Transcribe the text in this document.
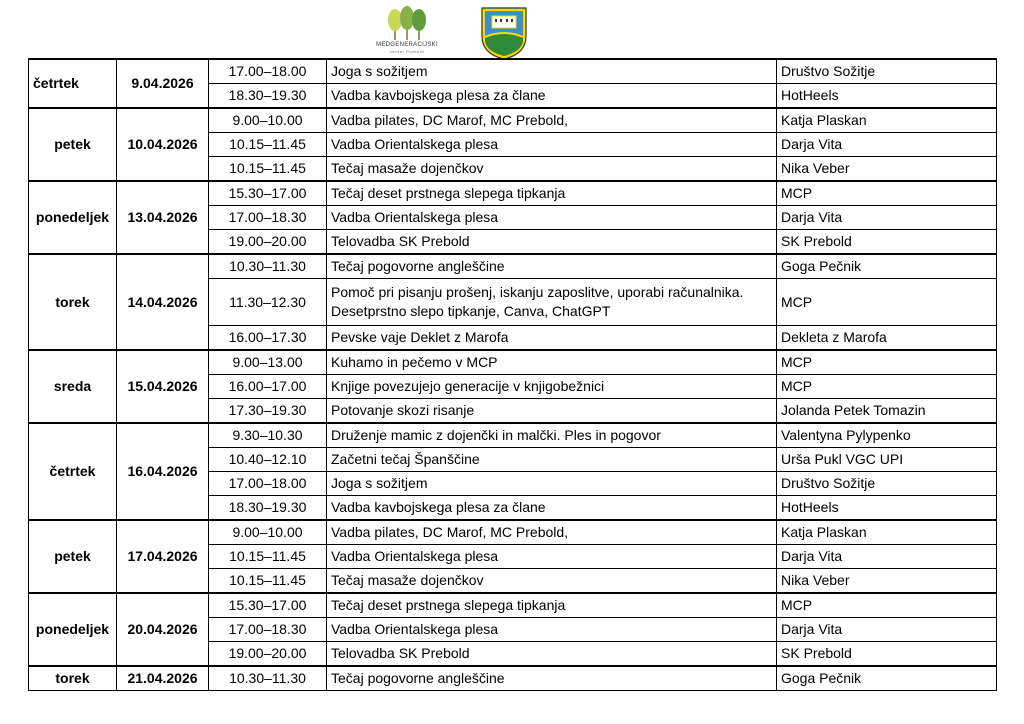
MEDGENERACIJSKI
center Prebold
četrtek	9.04.2026	17.00–18.00	Joga s sožitjem	Društvo Sožitje
		18.30–19.30	Vadba kavbojskega plesa za člane	HotHeels
petek	10.04.2026	9.00–10.00	Vadba pilates, DC Marof, MC Prebold,	Katja Plaskan
		10.15–11.45	Vadba Orientalskega plesa	Darja Vita
		10.15–11.45	Tečaj masaže dojenčkov	Nika Veber
ponedeljek	13.04.2026	15.30–17.00	Tečaj deset prstnega slepega tipkanja	MCP
		17.00–18.30	Vadba Orientalskega plesa	Darja Vita
		19.00–20.00	Telovadba SK Prebold	SK Prebold
torek	14.04.2026	10.30–11.30	Tečaj pogovorne angleščine	Goga Pečnik
		11.30–12.30	Pomoč pri pisanju prošenj, iskanju zaposlitve, uporabi računalnika. Desetprstno slepo tipkanje, Canva, ChatGPT	MCP
		16.00–17.30	Pevske vaje Deklet z Marofa	Dekleta z Marofa
sreda	15.04.2026	9.00–13.00	Kuhamo in pečemo v MCP	MCP
		16.00–17.00	Knjige povezujejo generacije v knjigobežnici	MCP
		17.30–19.30	Potovanje skozi risanje	Jolanda Petek Tomazin
četrtek	16.04.2026	9.30–10.30	Druženje mamic z dojenčki in malčki. Ples in pogovor	Valentyna Pylypenko
		10.40–12.10	Začetni tečaj Španščine	Urša Pukl VGC UPI
		17.00–18.00	Joga s sožitjem	Društvo Sožitje
		18.30–19.30	Vadba kavbojskega plesa za člane	HotHeels
petek	17.04.2026	9.00–10.00	Vadba pilates, DC Marof, MC Prebold,	Katja Plaskan
		10.15–11.45	Vadba Orientalskega plesa	Darja Vita
		10.15–11.45	Tečaj masaže dojenčkov	Nika Veber
ponedeljek	20.04.2026	15.30–17.00	Tečaj deset prstnega slepega tipkanja	MCP
		17.00–18.30	Vadba Orientalskega plesa	Darja Vita
		19.00–20.00	Telovadba SK Prebold	SK Prebold
torek	21.04.2026	10.30–11.30	Tečaj pogovorne angleščine	Goga Pečnik
